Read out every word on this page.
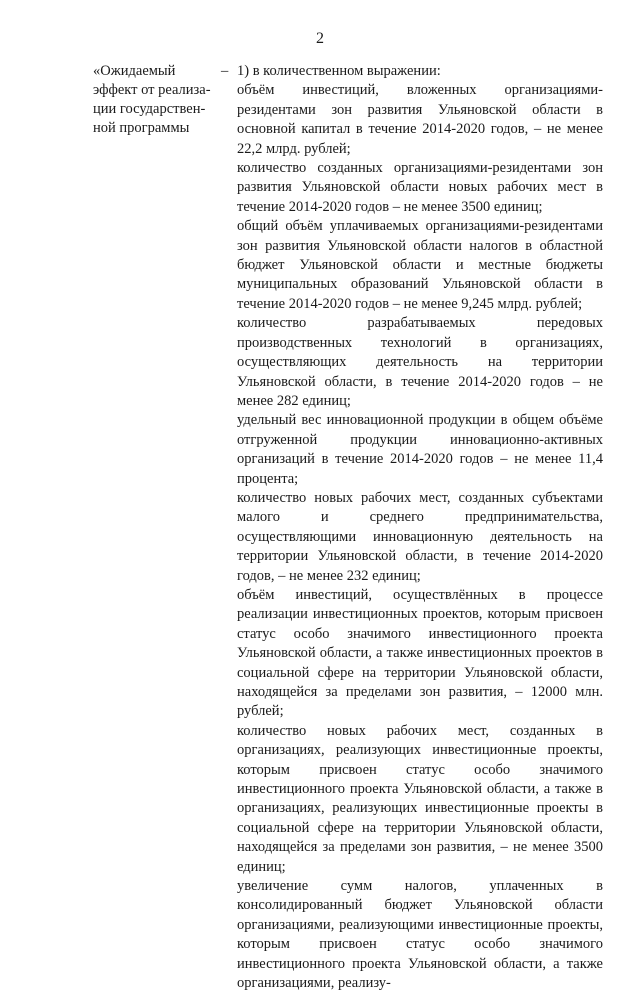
2
«Ожидаемый
эффект от реализа-
ции государствен-
ной программы
– 1) в количественном выражении:
объём инвестиций, вложенных организациями-резидентами зон развития Ульяновской области в основной капитал в течение 2014-2020 годов, – не менее 22,2 млрд. рублей;
количество созданных организациями-резидентами зон развития Ульяновской области новых рабочих мест в течение 2014-2020 годов – не менее 3500 единиц;
общий объём уплачиваемых организациями-резидентами зон развития Ульяновской области налогов в областной бюджет Ульяновской области и местные бюджеты муниципальных образований Ульяновской области в течение 2014-2020 годов – не менее 9,245 млрд. рублей;
количество разрабатываемых передовых производственных технологий в организациях, осуществляющих деятельность на территории Ульяновской области, в течение 2014-2020 годов – не менее 282 единиц;
удельный вес инновационной продукции в общем объёме отгруженной продукции инновационно-активных организаций в течение 2014-2020 годов – не менее 11,4 процента;
количество новых рабочих мест, созданных субъектами малого и среднего предпринимательства, осуществляющими инновационную деятельность на территории Ульяновской области, в течение 2014-2020 годов, – не менее 232 единиц;
объём инвестиций, осуществлённых в процессе реализации инвестиционных проектов, которым присвоен статус особо значимого инвестиционного проекта Ульяновской области, а также инвестиционных проектов в социальной сфере на территории Ульяновской области, находящейся за пределами зон развития, – 12000 млн. рублей;
количество новых рабочих мест, созданных в организациях, реализующих инвестиционные проекты, которым присвоен статус особо значимого инвестиционного проекта Ульяновской области, а также в организациях, реализующих инвестиционные проекты в социальной сфере на территории Ульяновской области, находящейся за пределами зон развития, – не менее 3500 единиц;
увеличение сумм налогов, уплаченных в консолидированный бюджет Ульяновской области организациями, реализующими инвестиционные проекты, которым присвоен статус особо значимого инвестиционного проекта Ульяновской области, а также организациями, реализу-
